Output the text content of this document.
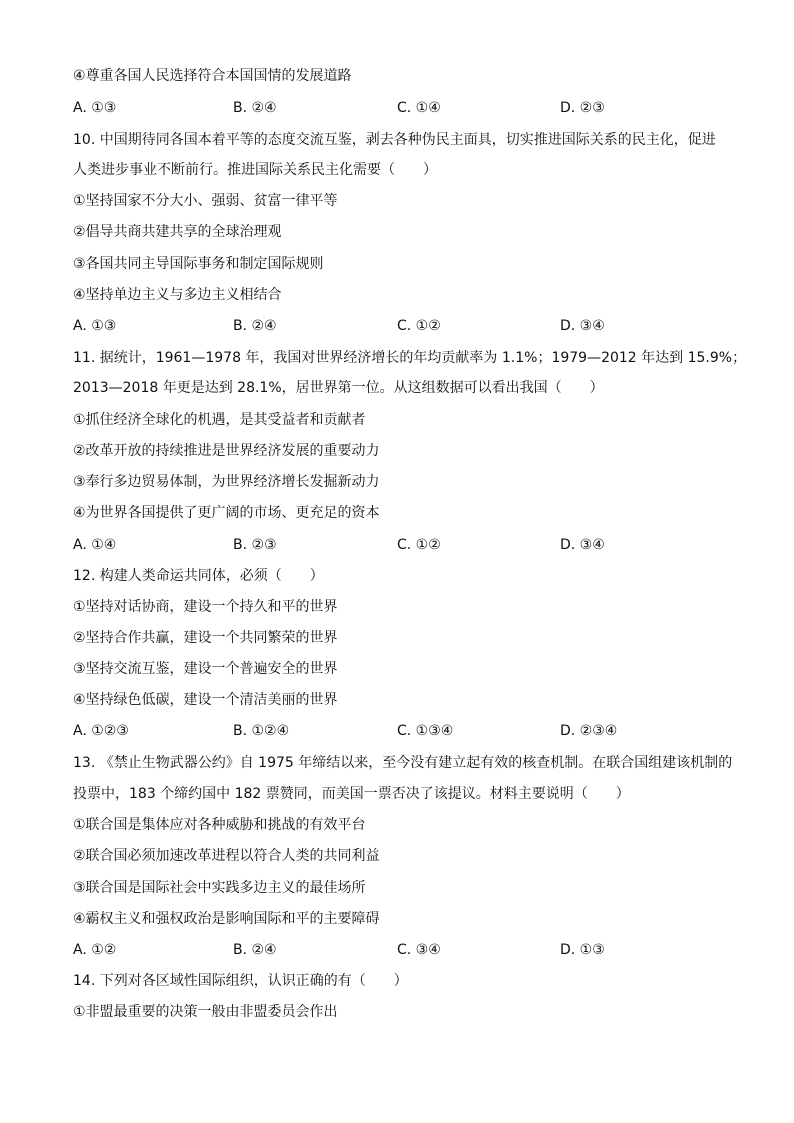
④尊重各国人民选择符合本国国情的发展道路
A. ①③	B. ②④	C. ①④	D. ②③
10. 中国期待同各国本着平等的态度交流互鉴，剥去各种伪民主面具，切实推进国际关系的民主化，促进
人类进步事业不断前行。推进国际关系民主化需要（　　）
①坚持国家不分大小、强弱、贫富一律平等
②倡导共商共建共享的全球治理观
③各国共同主导国际事务和制定国际规则
④坚持单边主义与多边主义相结合
A. ①③	B. ②④	C. ①②	D. ③④
11. 据统计，1961—1978 年，我国对世界经济增长的年均贡献率为 1.1%；1979—2012 年达到 15.9%；
2013—2018 年更是达到 28.1%，居世界第一位。从这组数据可以看出我国（　　）
①抓住经济全球化的机遇，是其受益者和贡献者
②改革开放的持续推进是世界经济发展的重要动力
③奉行多边贸易体制，为世界经济增长发掘新动力
④为世界各国提供了更广阔的市场、更充足的资本
A. ①④	B. ②③	C. ①②	D. ③④
12. 构建人类命运共同体，必须（　　）
①坚持对话协商，建设一个持久和平的世界
②坚持合作共赢，建设一个共同繁荣的世界
③坚持交流互鉴，建设一个普遍安全的世界
④坚持绿色低碳，建设一个清洁美丽的世界
A. ①②③	B. ①②④	C. ①③④	D. ②③④
13. 《禁止生物武器公约》自 1975 年缔结以来，至今没有建立起有效的核查机制。在联合国组建该机制的
投票中，183 个缔约国中 182 票赞同，而美国一票否决了该提议。材料主要说明（　　）
①联合国是集体应对各种威胁和挑战的有效平台
②联合国必须加速改革进程以符合人类的共同利益
③联合国是国际社会中实践多边主义的最佳场所
④霸权主义和强权政治是影响国际和平的主要障碍
A. ①②	B. ②④	C. ③④	D. ①③
14. 下列对各区域性国际组织，认识正确的有（　　）
①非盟最重要的决策一般由非盟委员会作出
